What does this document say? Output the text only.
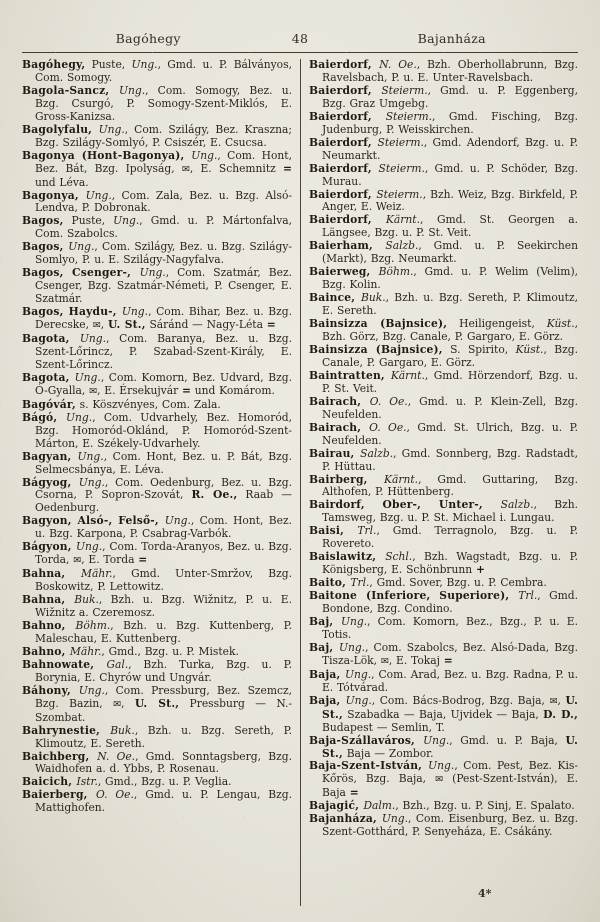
Bagóhegy	48	Bajanháza

Bagóhegy, Puste, Ung., Gmd. u. P. Bálványos, Com. Somogy.

Bagola-Sancz, Ung., Com. Somogy, Bez. u. Bzg. Csurgó, P. Somogy-Szent-Miklós, E. Gross-Kanizsa.

Bagolyfalu, Ung., Com. Szilágy, Bez. Kraszna; Bzg. Szilágy-Somlyó, P. Csiszér, E. Csucsa.

Bagonya (Hont-Bagonya), Ung., Com. Hont, Bez. Bát, Bzg. Ipolyság, ✉, E. Schemnitz = und Léva.

Bagonya, Ung., Com. Zala, Bez. u. Bzg. Alsó-Lendva, P. Dobronak.

Bagos, Puste, Ung., Gmd. u. P. Mártonfalva, Com. Szabolcs.

Bagos, Ung., Com. Szilágy, Bez. u. Bzg. Szilágy-Somlyo, P. u. E. Szilágy-Nagyfalva.

Bagos, Csenger-, Ung., Com. Szatmár, Bez. Csenger, Bzg. Szatmár-Németi, P. Csenger, E. Szatmár.

Bagos, Haydu-, Ung., Com. Bihar, Bez. u. Bzg. Derecske, ✉, U. St., Sáránd — Nagy-Léta =

Bagota, Ung., Com. Baranya, Bez. u. Bzg. Szent-Lőrincz, P. Szabad-Szent-Király, E. Szent-Lőrincz.

Bagota, Ung., Com. Komorn, Bez. Udvard, Bzg. Ó-Gyalla, ✉, E. Érsekujvár = und Komárom.

Bagóvár, s. Köszvényes, Com. Zala.

Bágó, Ung., Com. Udvarhely, Bez. Homoród, Bzg. Homoród-Oklánd, P. Homoród-Szent-Márton, E. Székely-Udvarhely.

Bagyan, Ung., Com. Hont, Bez. u. P. Bát, Bzg. Selmecsbánya, E. Léva.

Bágyog, Ung., Com. Oedenburg, Bez. u. Bzg. Csorna, P. Sopron-Szovát, R. Oe., Raab — Oedenburg.

Bagyon, Alsó-, Felső-, Ung., Com. Hont, Bez. u. Bzg. Karpona, P. Csabrag-Varbók.

Bágyon, Ung., Com. Torda-Aranyos, Bez. u. Bzg. Torda, ✉, E. Torda =

Bahna, Mähr., Gmd. Unter-Smržov, Bzg. Boskowitz, P. Lettowitz.

Bahna, Buk., Bzh. u. Bzg. Wižnitz, P. u. E. Wižnitz a. Czeremosz.

Bahno, Böhm., Bzh. u. Bzg. Kuttenberg, P. Maleschau, E. Kuttenberg.

Bahno, Mähr., Gmd., Bzg. u. P. Mistek.

Bahnowate, Gal., Bzh. Turka, Bzg. u. P. Borynia, E. Chyrów und Ungvár.

Báhony, Ung., Com. Pressburg, Bez. Szemcz, Bzg. Bazin, ✉, U. St., Pressburg — N.-Szombat.

Bahrynestie, Buk., Bzh. u. Bzg. Sereth, P. Klimoutz, E. Sereth.

Baichberg, N. Oe., Gmd. Sonntagsberg, Bzg. Waidhofen a. d. Ybbs, P. Rosenau.

Baicich, Istr., Gmd., Bzg. u. P. Veglia.

Baierberg, O. Oe., Gmd. u. P. Lengau, Bzg. Mattighofen.

Baierdorf, N. Oe., Bzh. Oberhollabrunn, Bzg. Ravelsbach, P. u. E. Unter-Ravelsbach.

Baierdorf, Steierm., Gmd. u. P. Eggenberg, Bzg. Graz Umgebg.

Baierdorf, Steierm., Gmd. Fisching, Bzg. Judenburg, P. Weisskirchen.

Baierdorf, Steierm., Gmd. Adendorf, Bzg. u. P. Neumarkt.

Baierdorf, Steierm., Gmd. u. P. Schöder, Bzg. Murau.

Baierdorf, Steierm., Bzh. Weiz, Bzg. Birkfeld, P. Anger, E. Weiz.

Baierdorf, Kärnt., Gmd. St. Georgen a. Längsee, Bzg. u. P. St. Veit.

Baierham, Salzb., Gmd. u. P. Seekirchen (Markt), Bzg. Neumarkt.

Baierweg, Böhm., Gmd. u. P. Welim (Velim), Bzg. Kolin.

Baince, Buk., Bzh. u. Bzg. Sereth, P. Klimoutz, E. Sereth.

Bainsizza (Bajnsice), Heiligengeist, Küst., Bzh. Görz, Bzg. Canale, P. Gargaro, E. Görz.

Bainsizza (Bajnsice), S. Spirito, Küst., Bzg. Canale, P. Gargaro, E. Görz.

Baintratten, Kärnt., Gmd. Hörzendorf, Bzg. u. P. St. Veit.

Bairach, O. Oe., Gmd. u. P. Klein-Zell, Bzg. Neufelden.

Bairach, O. Oe., Gmd. St. Ulrich, Bzg. u. P. Neufelden.

Bairau, Salzb., Gmd. Sonnberg, Bzg. Radstadt, P. Hüttau.

Bairberg, Kärnt., Gmd. Guttaring, Bzg. Althofen, P. Hüttenberg.

Bairdorf, Ober-, Unter-, Salzb., Bzh. Tamsweg, Bzg. u. P. St. Michael i. Lungau.

Baisi, Trl., Gmd. Terragnolo, Bzg. u. P. Rovereto.

Baislawitz, Schl., Bzh. Wagstadt, Bzg. u. P. Königsberg, E. Schönbrunn +

Baito, Trl., Gmd. Sover, Bzg. u. P. Cembra.

Baitone (Inferiore, Superiore), Trl., Gmd. Bondone, Bzg. Condino.

Baj, Ung., Com. Komorn, Bez., Bzg., P. u. E. Totis.

Baj, Ung., Com. Szabolcs, Bez. Alsó-Dada, Bzg. Tisza-Lök, ✉, E. Tokaj =

Baja, Ung., Com. Arad, Bez. u. Bzg. Radna, P. u. E. Tótvárad.

Baja, Ung., Com. Bács-Bodrog, Bzg. Baja, ✉, U. St., Szabadka — Baja, Ujvidek — Baja, D. D., Budapest — Semlin, T.

Baja-Szállaváros, Ung., Gmd. u. P. Baja, U. St., Baja — Zombor.

Baja-Szent-István, Ung., Com. Pest, Bez. Kis-Kőrös, Bzg. Baja, ✉ (Pest-Szent-István), E. Baja =

Bajagić, Dalm., Bzh., Bzg. u. P. Sinj, E. Spalato.

Bajanháza, Ung., Com. Eisenburg, Bez. u. Bzg. Szent-Gotthárd, P. Senyeháza, E. Csákány.

4*
